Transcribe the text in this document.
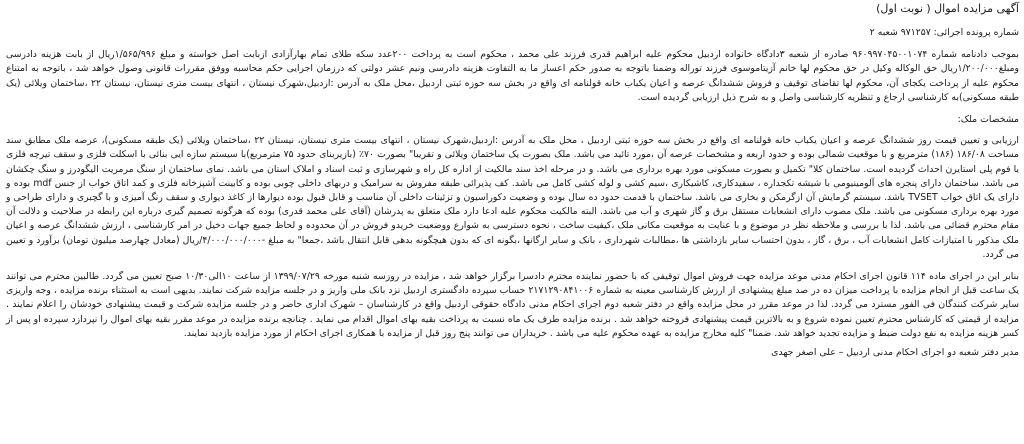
آگهی مزایده اموال ( نوبت اول)
شماره پرونده اجرائی: ۹۷۱۲۵۷ شعبه ۲

بموجب دادنامه شماره ۹۶۰۹۹۷۰۴۵۰۰۱۰۷۴ صادره از شعبه ۳دادگاه خانواده اردبیل محکوم علیه ابراهیم قدری فرزند علی محمد ، محکوم است به پرداخت ۲۰۰عدد سکه طلای تمام بهارآزادی ازبابت اصل خواسته و مبلغ ۱/۵۶۵/۹۹۶ریال از بابت هزینه دادرسی ومبلغ۱/۲۰۰/۰۰۰ریال حق الوکاله وکیل در حق محکوم لها خانم آزیتاموسوی فرزند توراله وضمنا باتوجه به صدور حکم اعسار ما به التفاوت هزینه دادرسی ونیم عشر دولتی که درزمان اجرایی حکم محاسبه ووفق مقررات قانونی وصول خواهد شد ، باتوجه به امتناع محکوم علیه از پرداخت یکجای آن، محکوم لها تقاضای توقیف و فروش ششدانگ عرصه و اعیان یکباب خانه قولنامه ای واقع در بخش سه حوزه ثبتی اردبیل ،محل ملک به آدرس :اردبیل،شهرک نیستان ، انتهای بیست متری نیستان، نیستان ۲۲ ،ساختمان ویلائی (یک طبقه مسکونی)به کارشناسی ارجاع و تنظریه کارشناسی واصل و به شرح ذیل ارزیابی گردیده است.

مشخصات ملک:

ارزیابی و تعیین قیمت روز ششدانگ عرصه و اعیان یکباب خانه قولنامه ای واقع در بخش سه حوزه ثبتی اردبیل ، محل ملک به آدرس :اردبیل،شهرک نیستان ، انتهای بیست متری نیستان، نیستان ۲۲ ،ساختمان ویلائی (یک طبقه مسکونی)، عرصه ملک مطابق سند مساحت ۱۸۶/۰۸ (۱۸۶) مترمربع و با موقعیت شمالی بوده و حدود اربعه و مشخصات عرصه آن ،مورد تائید می باشد. ملک بصورت یک ساختمان ویلائی و تقریبا" بصورت ۷۰٪ (بازیربنای حدود ۷۵ مترمربع)با سیستم سازه ایی بنائی با اسکلت فلزی و سقف تیرچه فلزی یا فوم پلی استایرن احداث گردیده است. ساختمان کلا" تکمیل و بصورت مسکونی مورد بهره برداری می باشد. و در مرحله اخذ سند مالکیت از اداره کل راه و شهرسازی و ثبت اسناد و املاک استان می باشد. نمای ساختمان از سنگ مرمریت الیگودرز و سنگ چکشان می باشد. ساختمان دارای پنجره های آلومینیومی با شیشه تکجداره ، سفیدکاری، کاشیکاری ،سیم کشی و لوله کشی کامل می باشد. کف پذیرائی طبقه مفروش به سرامیک و دربهای داخلی چوبی بوده و کابینت آشپزخانه فلزی و کمد اتاق خواب از جنس mdf بوده و دارای یک اتاق خواب TVSET باشد. سیستم گرمایش آن ازگرمکن و بخاری می باشد. ساختمان با قدمت حدود ده سال بوده و وضعیت دکوراسیون و تزئینات داخلی آن مناسب و قابل قبول بوده دیوارها از کاغذ دیواری و سقف رنگ آمیزی و با گچبری و دارای طراحی و مورد بهره برداری مسکونی می باشد. ملک مصوب دارای انشعابات مستقل برق و گاز شهری و آب می باشد. البته مالکیت محکوم علیه ادعا دارد ملک متعلق به پدرشان (آقای علی محمد قدری) بوده که هرگونه تصمیم گیری درباره این رابطه در صلاحیت و دلالت آن مقام محترم قضائی می باشد. لذا با بررسی و ملاحظه نظر در موضوع و با عنایت به موقعیت مکانی ملک ،کیفیت ساخت ، نحوه دسترسی به شوارع ووضعیت خریدو فروش در آن محدوده و لحاظ جمیع جهات دخیل در امر کارشناسی ، ارزش ششدانگ عرصه و اعیان ملک مذکور با امتیازات کامل انشعابات آب ، برق ، گاز ، بدون احتساب سایر بازداشتی ها ،مطالبات شهرداری ، بانک و سایر ارگانها ،بگونه ای که بدون هیچگونه بدهی قابل انتقال باشد ،جمعا" به مبلغ -۴/۰۰۰/۰۰۰/۰۰۰/ریال (معادل چهارصد میلیون تومان) برآورد و تعیین می گردد.

بنابر این در اجرای ماده ۱۱۴ قانون اجرای احکام مدنی موعد مزایده جهت فروش اموال توقیفی که با حضور نماینده محترم دادسرا برگزار خواهد شد ، مزایده در روزسه شنبه مورخه ۱۳۹۹/۰۷/۲۹ از ساعت ۱۰الی۱۰/۳۰ صبح تعیین می گردد. طالبین محترم می توانند یک ساعت قبل از انجام مزایده با پرداخت میزان ده در صد مبلغ پیشنهادی از ارزش کارشناسی معینه به شماره ۲۱۷۱۲۹۰۸۴۱۰۰۶ حساب سپرده دادگستری اردبیل نزد بانک ملی واریز و در جلسه مزایده شرکت نمایند. بدیهی است به استثناء برنده مزایده ، وجه واریزی سایر شرکت کنندگان فی الفور مسترد می گردد. لذا در موعد مقرر در محل مزایده واقع در دفتر شعبه دوم اجرای احکام مدنی دادگاه حقوقی اردبیل واقع در کارشناسان – شهرک اداری حاضر و در جلسه مزایده شرکت و قیمت پیشنهادی خودشان را اعلام نمایند . مزایده از قیمتی که کارشناس محترم تعیین نموده شروع و به بالاترین قیمت پیشنهادی فروخته خواهد شد . برنده مزایده طرف یک ماه نسبت به پرداخت بقیه بهای اموال اقدام می نماید . چنانچه برنده مزایده در موعد مقرر بقیه بهای اموال را نپردازد سپرده او پس از کسر هزینه مزایده به نفع دولت ضبط و مزایده تجدید خواهد شد. ضمنا" کلیه مخارج مزایده به عهده محکوم علیه می باشد . خریداران می توانند پنج روز قبل از مزایده با همکاری اجرای احکام از مورد مزایده بازدید نمایند.

مدیر دفتر شعبه دو اجرای احکام مدنی اردبیل – علی اصغر جهدی
